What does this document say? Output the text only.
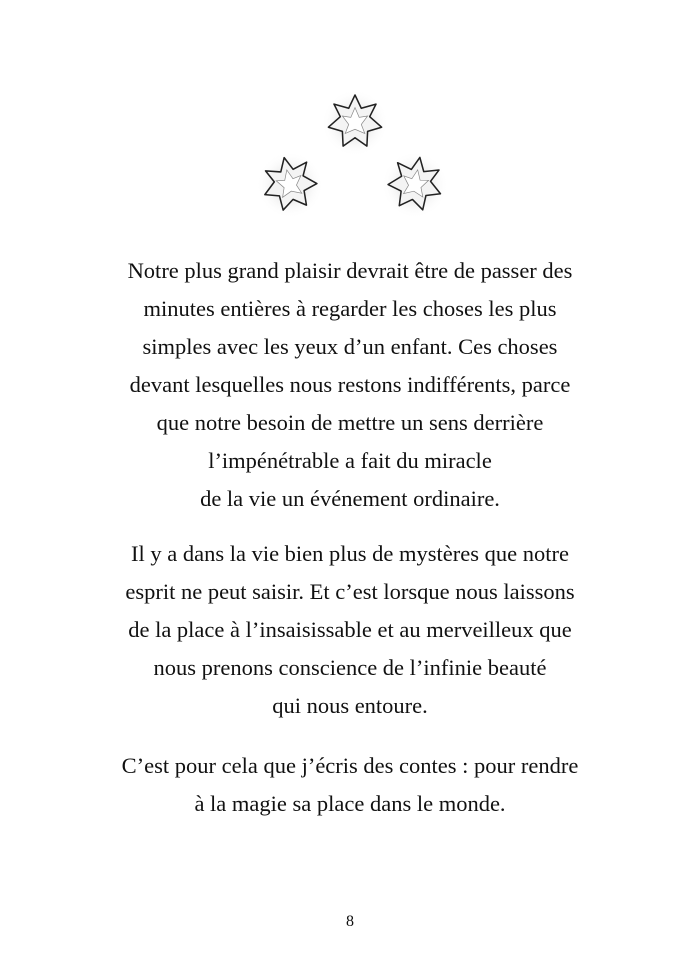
Notre plus grand plaisir devrait être de passer des
minutes entières à regarder les choses les plus
simples avec les yeux d’un enfant. Ces choses
devant lesquelles nous restons indifférents, parce
que notre besoin de mettre un sens derrière
l’impénétrable a fait du miracle
de la vie un événement ordinaire.
Il y a dans la vie bien plus de mystères que notre
esprit ne peut saisir. Et c’est lorsque nous laissons
de la place à l’insaisissable et au merveilleux que
nous prenons conscience de l’infinie beauté
qui nous entoure.
C’est pour cela que j’écris des contes : pour rendre
à la magie sa place dans le monde.
8
